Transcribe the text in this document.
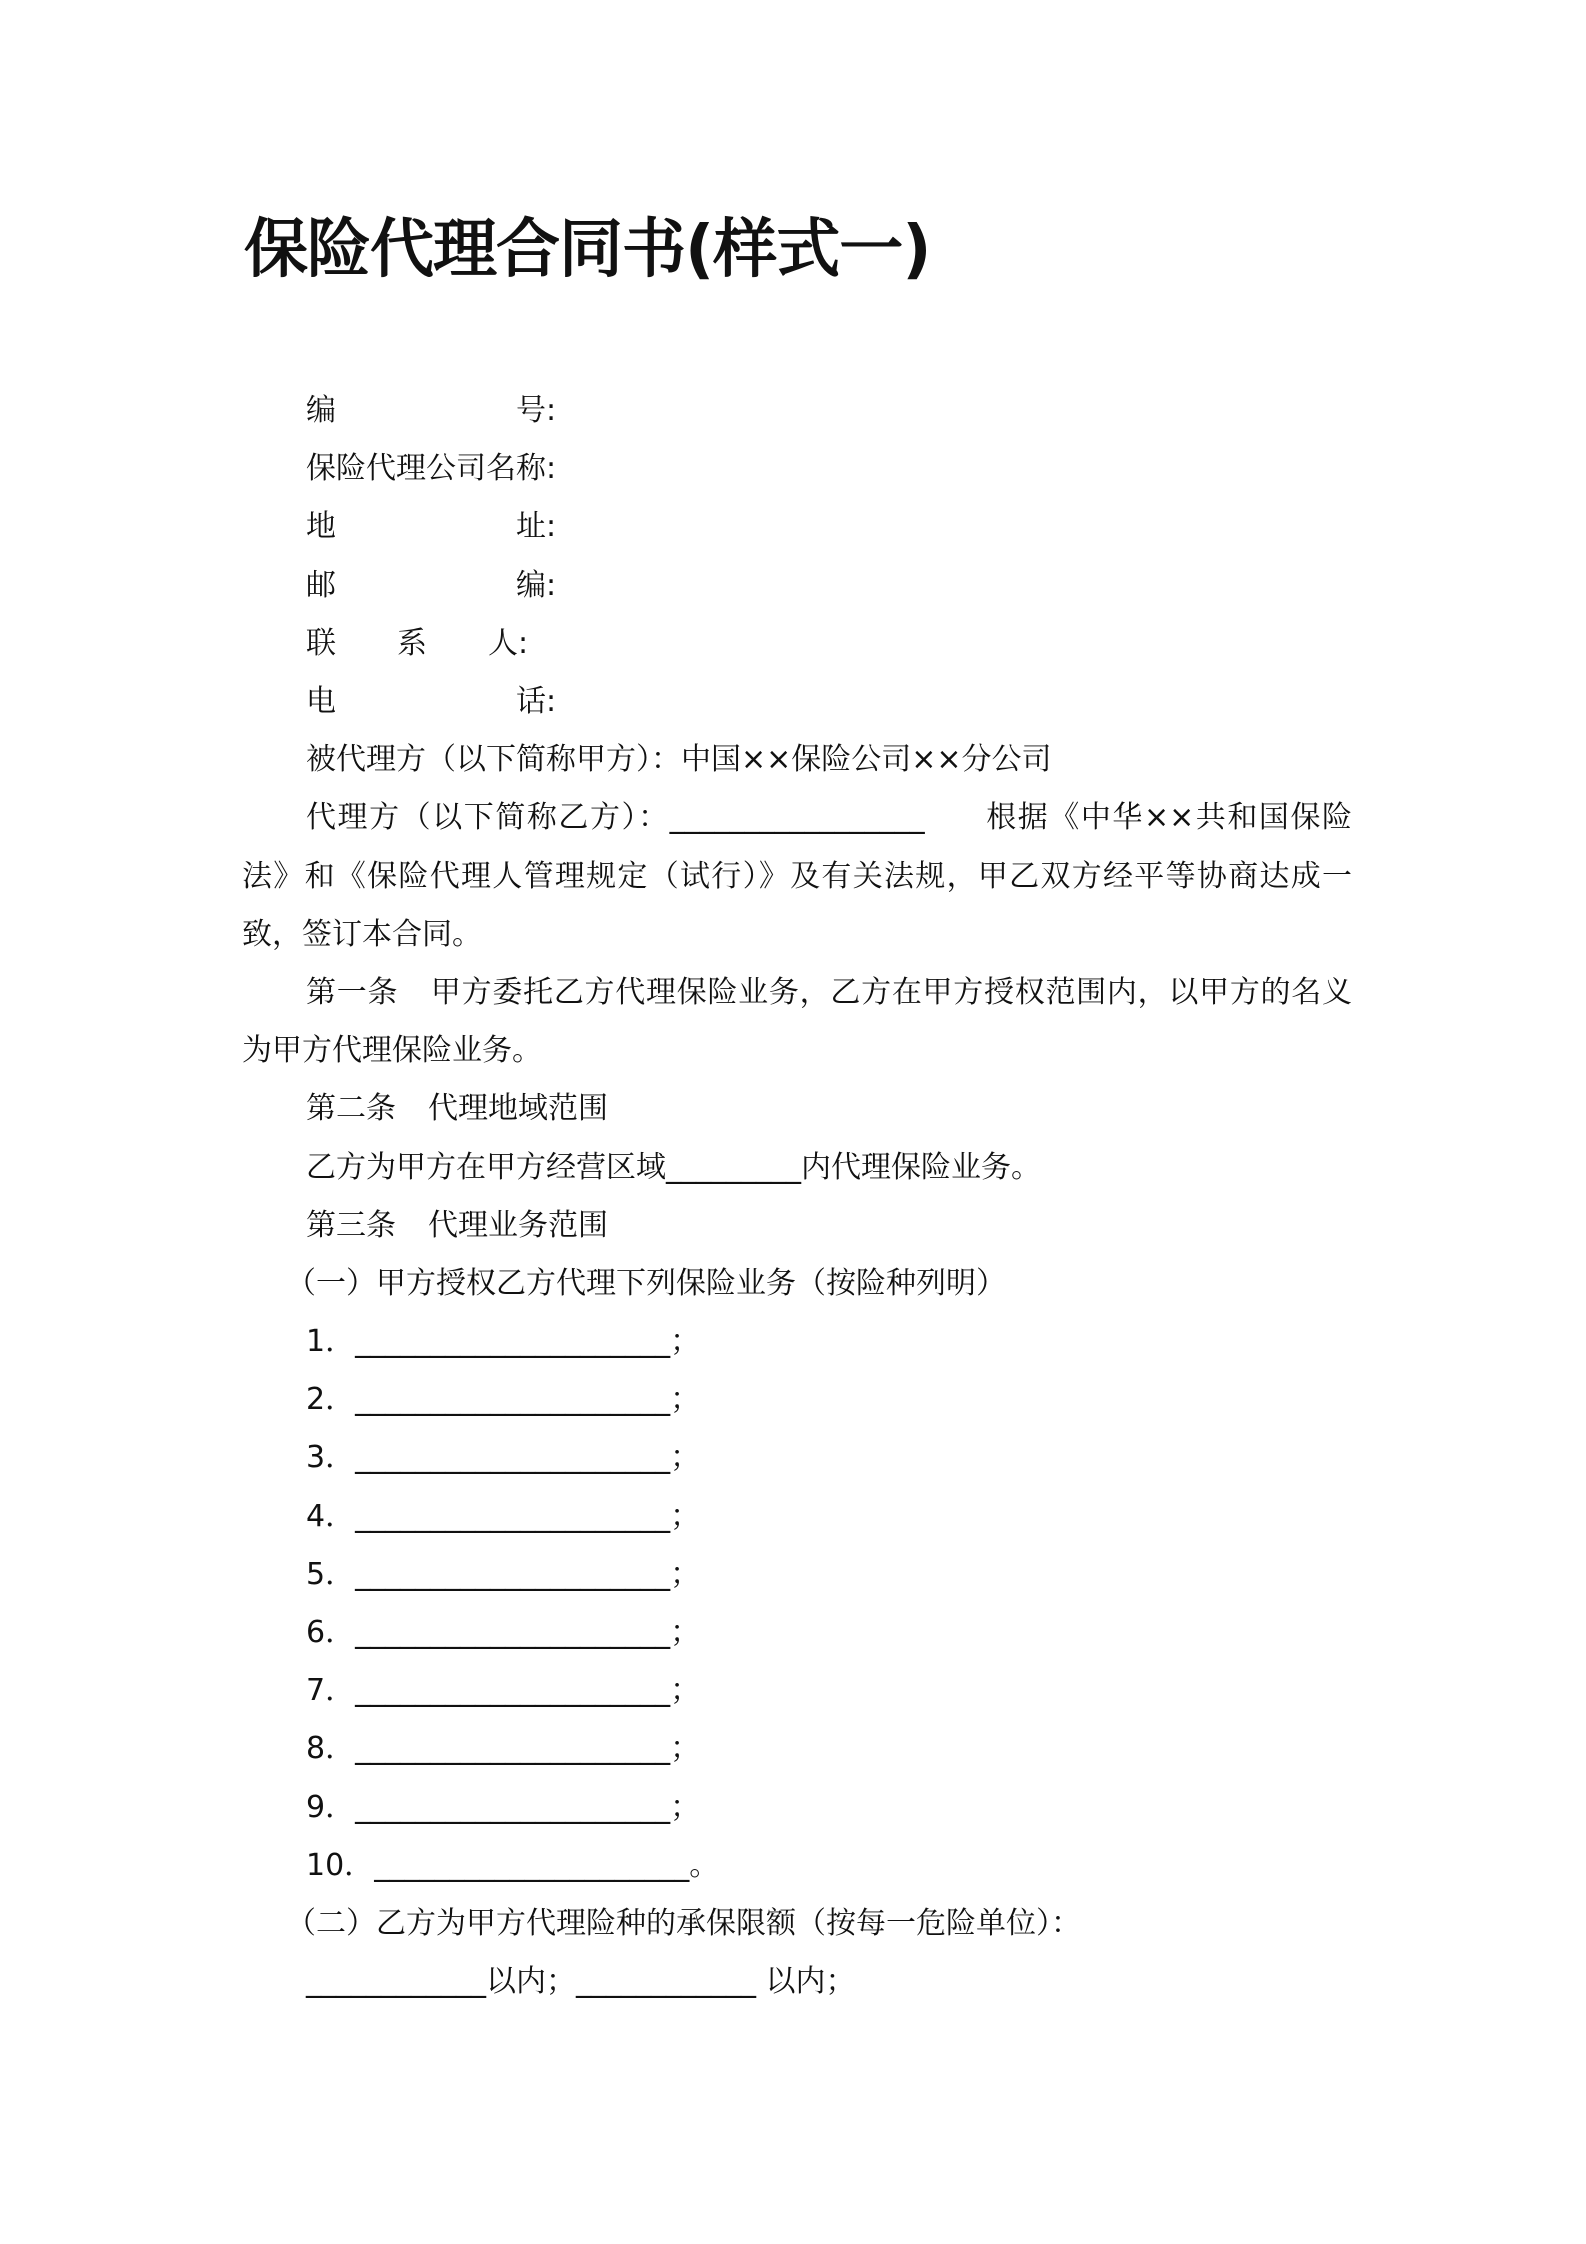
保险代理合同书(样式一)
编号:
保险代理公司名称:
地址:
邮编:
联系人:
电话:
被代理方（以下简称甲方）：中国××保险公司××分公司
代理方（以下简称乙方）：_________________ 根据《中华××共和国保险法》和《保险代理人管理规定（试行）》及有关法规，甲乙双方经平等协商达成一致，签订本合同。
第一条 甲方委托乙方代理保险业务，乙方在甲方授权范围内，以甲方的名义为甲方代理保险业务。
第二条 代理地域范围
乙方为甲方在甲方经营区域_________内代理保险业务。
第三条 代理业务范围
（一）甲方授权乙方代理下列保险业务（按险种列明）
1．_____________________；
2．_____________________；
3．_____________________；
4．_____________________；
5．_____________________；
6．_____________________；
7．_____________________；
8．_____________________；
9．_____________________；
10．_____________________。
（二）乙方为甲方代理险种的承保限额（按每一危险单位）：
____________以内；____________ 以内；
